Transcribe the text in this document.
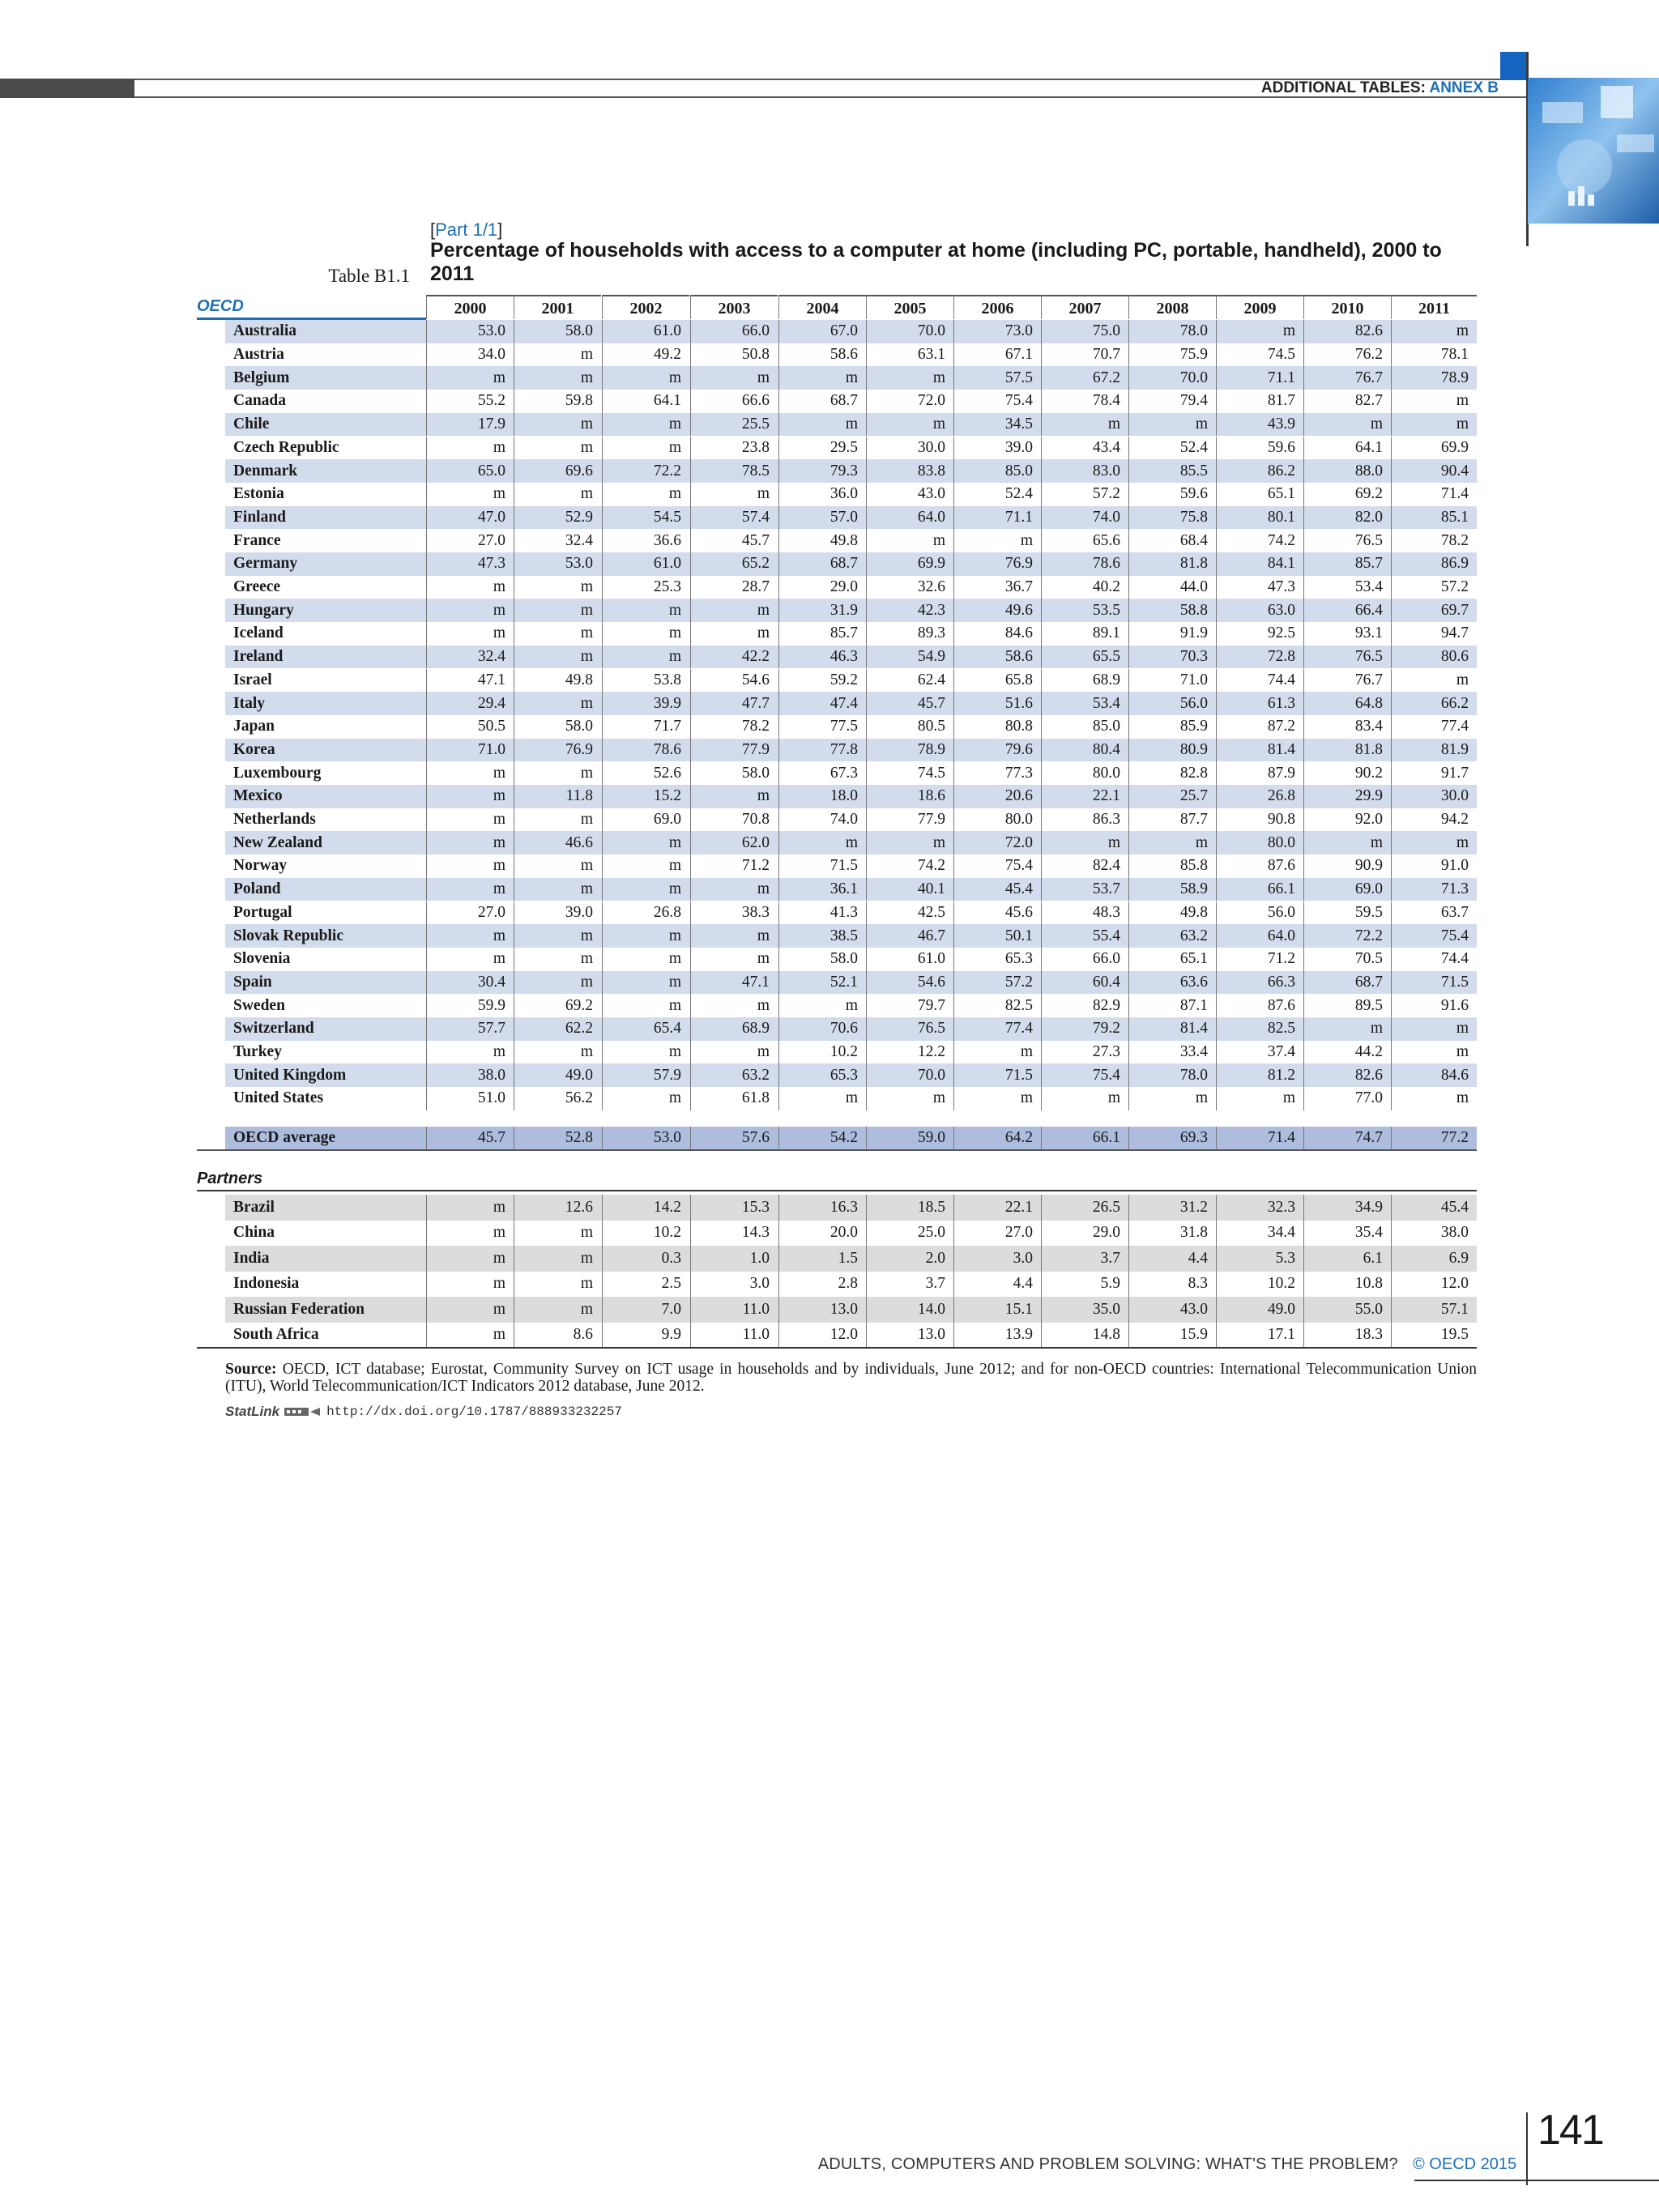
ADDITIONAL TABLES: ANNEX B
[Part 1/1]
Percentage of households with access to a computer at home (including PC, portable, handheld), 2000 to 2011
Table B1.1
OECD	2000	2001	2002	2003	2004	2005	2006	2007	2008	2009	2010	2011
Australia	53.0	58.0	61.0	66.0	67.0	70.0	73.0	75.0	78.0	m	82.6	m
Austria	34.0	m	49.2	50.8	58.6	63.1	67.1	70.7	75.9	74.5	76.2	78.1
Belgium	m	m	m	m	m	m	57.5	67.2	70.0	71.1	76.7	78.9
Canada	55.2	59.8	64.1	66.6	68.7	72.0	75.4	78.4	79.4	81.7	82.7	m
Chile	17.9	m	m	25.5	m	m	34.5	m	m	43.9	m	m
Czech Republic	m	m	m	23.8	29.5	30.0	39.0	43.4	52.4	59.6	64.1	69.9
Denmark	65.0	69.6	72.2	78.5	79.3	83.8	85.0	83.0	85.5	86.2	88.0	90.4
Estonia	m	m	m	m	36.0	43.0	52.4	57.2	59.6	65.1	69.2	71.4
Finland	47.0	52.9	54.5	57.4	57.0	64.0	71.1	74.0	75.8	80.1	82.0	85.1
France	27.0	32.4	36.6	45.7	49.8	m	m	65.6	68.4	74.2	76.5	78.2
Germany	47.3	53.0	61.0	65.2	68.7	69.9	76.9	78.6	81.8	84.1	85.7	86.9
Greece	m	m	25.3	28.7	29.0	32.6	36.7	40.2	44.0	47.3	53.4	57.2
Hungary	m	m	m	m	31.9	42.3	49.6	53.5	58.8	63.0	66.4	69.7
Iceland	m	m	m	m	85.7	89.3	84.6	89.1	91.9	92.5	93.1	94.7
Ireland	32.4	m	m	42.2	46.3	54.9	58.6	65.5	70.3	72.8	76.5	80.6
Israel	47.1	49.8	53.8	54.6	59.2	62.4	65.8	68.9	71.0	74.4	76.7	m
Italy	29.4	m	39.9	47.7	47.4	45.7	51.6	53.4	56.0	61.3	64.8	66.2
Japan	50.5	58.0	71.7	78.2	77.5	80.5	80.8	85.0	85.9	87.2	83.4	77.4
Korea	71.0	76.9	78.6	77.9	77.8	78.9	79.6	80.4	80.9	81.4	81.8	81.9
Luxembourg	m	m	52.6	58.0	67.3	74.5	77.3	80.0	82.8	87.9	90.2	91.7
Mexico	m	11.8	15.2	m	18.0	18.6	20.6	22.1	25.7	26.8	29.9	30.0
Netherlands	m	m	69.0	70.8	74.0	77.9	80.0	86.3	87.7	90.8	92.0	94.2
New Zealand	m	46.6	m	62.0	m	m	72.0	m	m	80.0	m	m
Norway	m	m	m	71.2	71.5	74.2	75.4	82.4	85.8	87.6	90.9	91.0
Poland	m	m	m	m	36.1	40.1	45.4	53.7	58.9	66.1	69.0	71.3
Portugal	27.0	39.0	26.8	38.3	41.3	42.5	45.6	48.3	49.8	56.0	59.5	63.7
Slovak Republic	m	m	m	m	38.5	46.7	50.1	55.4	63.2	64.0	72.2	75.4
Slovenia	m	m	m	m	58.0	61.0	65.3	66.0	65.1	71.2	70.5	74.4
Spain	30.4	m	m	47.1	52.1	54.6	57.2	60.4	63.6	66.3	68.7	71.5
Sweden	59.9	69.2	m	m	m	79.7	82.5	82.9	87.1	87.6	89.5	91.6
Switzerland	57.7	62.2	65.4	68.9	70.6	76.5	77.4	79.2	81.4	82.5	m	m
Turkey	m	m	m	m	10.2	12.2	m	27.3	33.4	37.4	44.2	m
United Kingdom	38.0	49.0	57.9	63.2	65.3	70.0	71.5	75.4	78.0	81.2	82.6	84.6
United States	51.0	56.2	m	61.8	m	m	m	m	m	m	77.0	m
OECD average	45.7	52.8	53.0	57.6	54.2	59.0	64.2	66.1	69.3	71.4	74.7	77.2
Partners
Brazil	m	12.6	14.2	15.3	16.3	18.5	22.1	26.5	31.2	32.3	34.9	45.4
China	m	m	10.2	14.3	20.0	25.0	27.0	29.0	31.8	34.4	35.4	38.0
India	m	m	0.3	1.0	1.5	2.0	3.0	3.7	4.4	5.3	6.1	6.9
Indonesia	m	m	2.5	3.0	2.8	3.7	4.4	5.9	8.3	10.2	10.8	12.0
Russian Federation	m	m	7.0	11.0	13.0	14.0	15.1	35.0	43.0	49.0	55.0	57.1
South Africa	m	8.6	9.9	11.0	12.0	13.0	13.9	14.8	15.9	17.1	18.3	19.5
Source: OECD, ICT database; Eurostat, Community Survey on ICT usage in households and by individuals, June 2012; and for non-OECD countries: International Telecommunication Union (ITU), World Telecommunication/ICT Indicators 2012 database, June 2012.
StatLink	http://dx.doi.org/10.1787/888933232257
ADULTS, COMPUTERS AND PROBLEM SOLVING: WHAT'S THE PROBLEM? © OECD 2015
141
